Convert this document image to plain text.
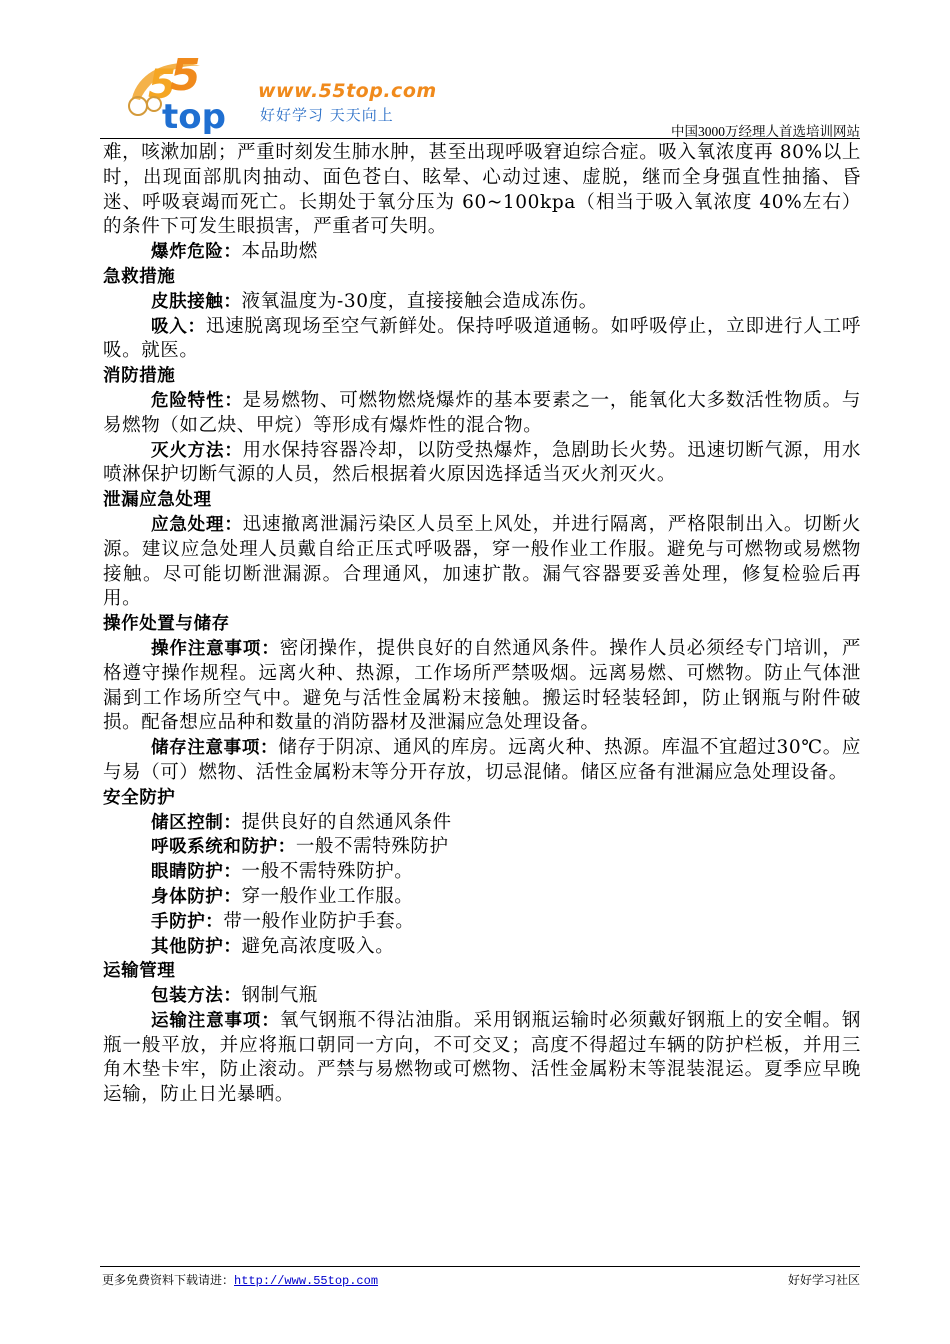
5
5
top
www.55top.com
好好学习 天天向上
中国3000万经理人首选培训网站

难，咳漱加剧；严重时刻发生肺水肿，甚至出现呼吸窘迫综合症。吸入氧浓度再 80%以上时，出现面部肌肉抽动、面色苍白、眩晕、心动过速、虚脱，继而全身强直性抽搐、昏迷、呼吸衰竭而死亡。长期处于氧分压为 60~100kpa（相当于吸入氧浓度 40%左右）的条件下可发生眼损害，严重者可失明。

爆炸危险：本品助燃

急救措施

皮肤接触：液氧温度为-30度，直接接触会造成冻伤。

吸入：迅速脱离现场至空气新鲜处。保持呼吸道通畅。如呼吸停止，立即进行人工呼吸。就医。

消防措施

危险特性：是易燃物、可燃物燃烧爆炸的基本要素之一，能氧化大多数活性物质。与易燃物（如乙炔、甲烷）等形成有爆炸性的混合物。

灭火方法：用水保持容器冷却，以防受热爆炸，急剧助长火势。迅速切断气源，用水喷淋保护切断气源的人员，然后根据着火原因选择适当灭火剂灭火。

泄漏应急处理

应急处理：迅速撤离泄漏污染区人员至上风处，并进行隔离，严格限制出入。切断火源。建议应急处理人员戴自给正压式呼吸器，穿一般作业工作服。避免与可燃物或易燃物接触。尽可能切断泄漏源。合理通风，加速扩散。漏气容器要妥善处理，修复检验后再用。

操作处置与储存

操作注意事项：密闭操作，提供良好的自然通风条件。操作人员必须经专门培训，严格遵守操作规程。远离火种、热源，工作场所严禁吸烟。远离易燃、可燃物。防止气体泄漏到工作场所空气中。避免与活性金属粉末接触。搬运时轻装轻卸，防止钢瓶与附件破损。配备想应品种和数量的消防器材及泄漏应急处理设备。

储存注意事项：储存于阴凉、通风的库房。远离火种、热源。库温不宜超过30℃。应与易（可）燃物、活性金属粉末等分开存放，切忌混储。储区应备有泄漏应急处理设备。

安全防护

储区控制：提供良好的自然通风条件

呼吸系统和防护：一般不需特殊防护

眼睛防护：一般不需特殊防护。

身体防护：穿一般作业工作服。

手防护：带一般作业防护手套。

其他防护：避免高浓度吸入。

运输管理

包装方法：钢制气瓶

运输注意事项：氧气钢瓶不得沾油脂。采用钢瓶运输时必须戴好钢瓶上的安全帽。钢瓶一般平放，并应将瓶口朝同一方向，不可交叉；高度不得超过车辆的防护栏板，并用三角木垫卡牢，防止滚动。严禁与易燃物或可燃物、活性金属粉末等混装混运。夏季应早晚运输，防止日光暴晒。

更多免费资料下载请进：http://www.55top.com	好好学习社区
